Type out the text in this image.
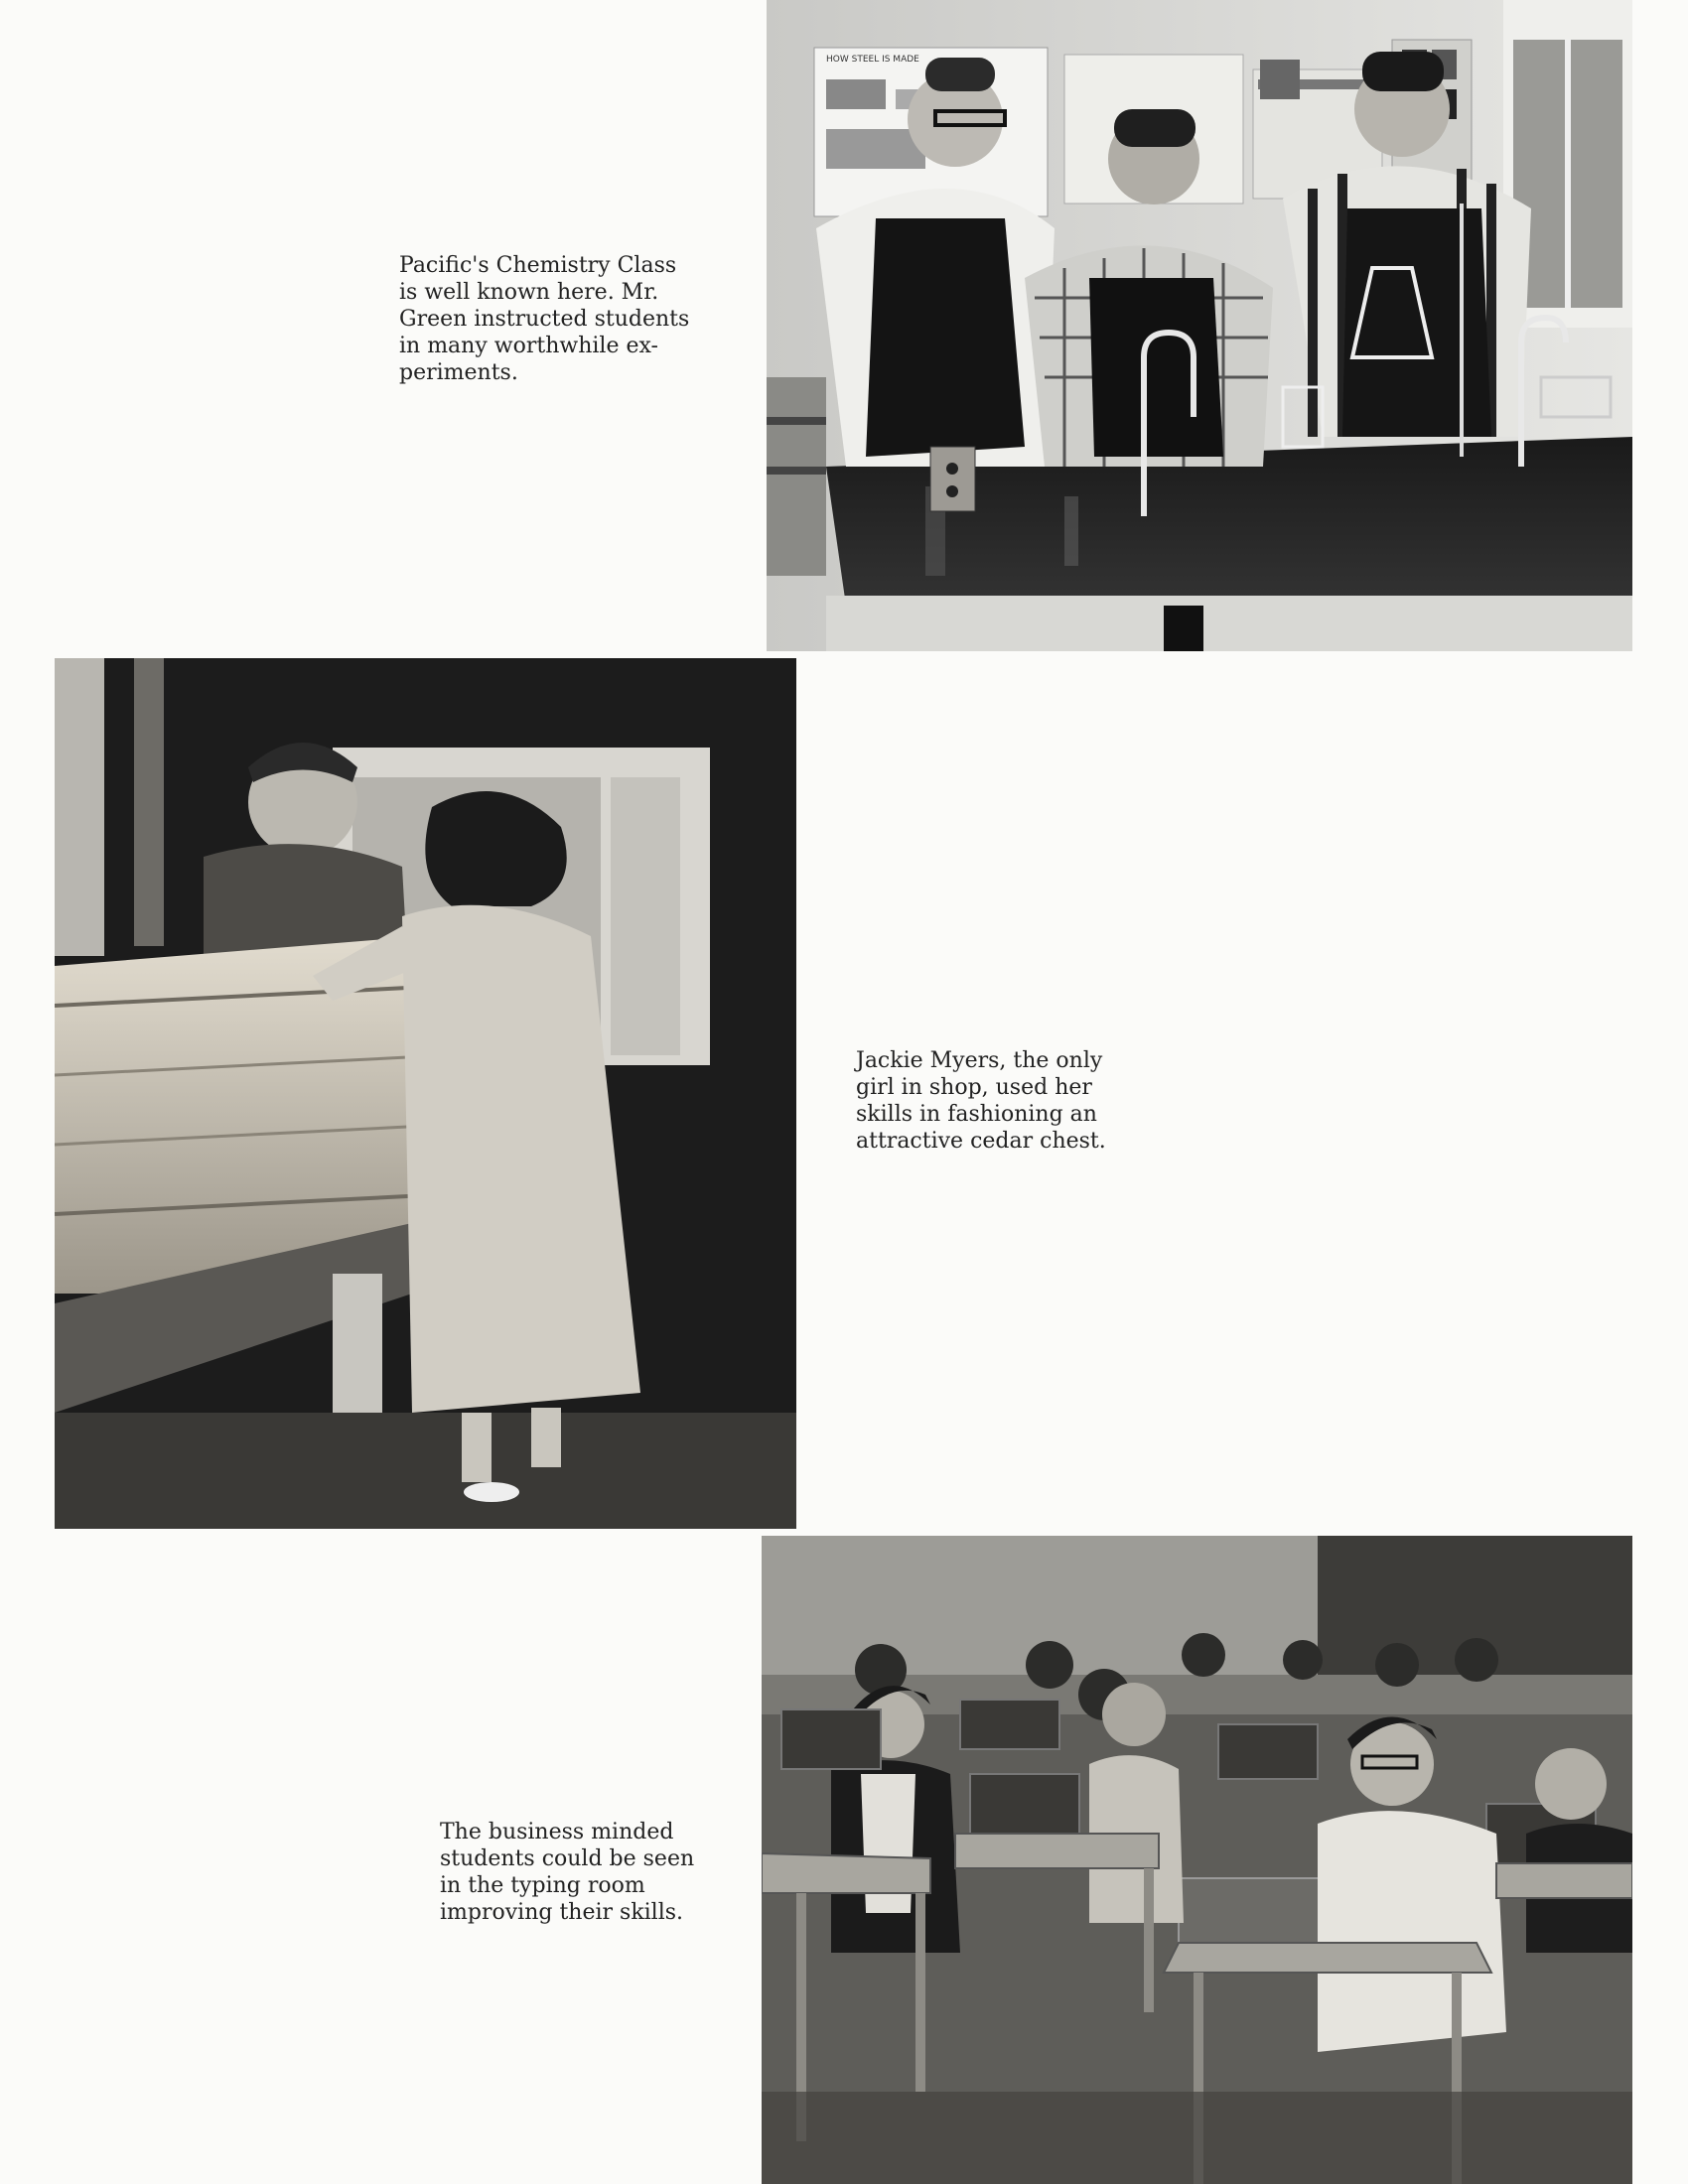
HOW STEEL IS MADE
Pacific's Chemistry Class
is well known here. Mr.
Green instructed students
in many worthwhile ex-
periments.
Jackie Myers, the only
girl in shop, used her
skills in fashioning an
attractive cedar chest.
The business minded
students could be seen
in the typing room
improving their skills.
